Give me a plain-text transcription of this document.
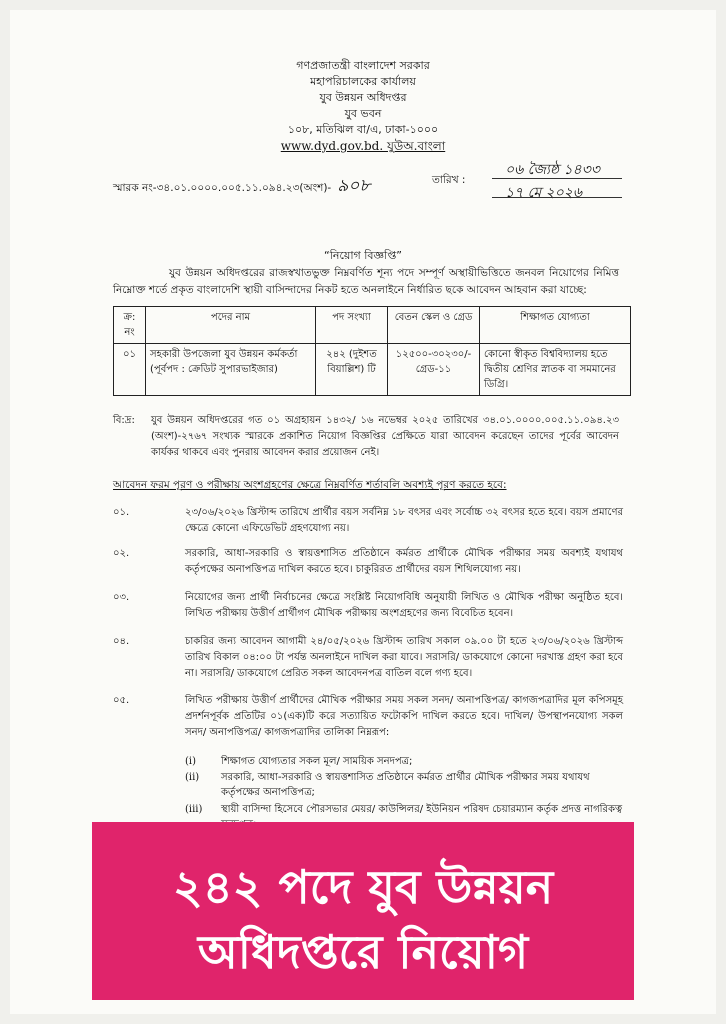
গণপ্রজাতন্ত্রী বাংলাদেশ সরকার
মহাপরিচালকের কার্যালয়
যুব উন্নয়ন অধিদপ্তর
যুব ভবন
১০৮, মতিঝিল বা/এ, ঢাকা-১০০০
www.dyd.gov.bd. যুউঅ.বাংলা
স্মারক নং-৩৪.০১.০০০০.০০৫.১১.০৯৪.২৩(অংশ)- ৯০৮	তারিখ :
০৬ জ্যৈষ্ঠ ১৪৩৩
১৭ মে ২০২৬
“নিয়োগ বিজ্ঞপ্তি”
যুব উন্নয়ন অধিদপ্তরের রাজস্বখাতভুক্ত নিম্নবর্ণিত শূন্য পদে সম্পূর্ণ অস্থায়ীভিত্তিতে জনবল নিয়োগের নিমিত্ত নিম্নোক্ত শর্তে প্রকৃত বাংলাদেশি স্থায়ী বাসিন্দাদের নিকট হতে অনলাইনে নির্ধারিত ছকে আবেদন আহবান করা যাচ্ছে:
ক্র: নং	পদের নাম	পদ সংখ্যা	বেতন স্কেল ও গ্রেড	শিক্ষাগত যোগ্যতা
০১	সহকারী উপজেলা যুব উন্নয়ন কর্মকর্তা (পূর্বপদ : ক্রেডিট সুপারভাইজার)	২৪২ (দুইশত বিয়াল্লিশ) টি	১২৫০০-৩০২৩০/- গ্রেড-১১	কোনো স্বীকৃত বিশ্ববিদ্যালয় হতে দ্বিতীয় শ্রেণির স্নাতক বা সমমানের ডিগ্রি।
বি:দ্র: যুব উন্নয়ন অধিদপ্তরের গত ০১ অগ্রহায়ন ১৪৩২/ ১৬ নভেম্বর ২০২৫ তারিখের ৩৪.০১.০০০০.০০৫.১১.০৯৪.২৩ (অংশ)-২৭৬৭ সংখ্যক স্মারকে প্রকাশিত নিয়োগ বিজ্ঞপ্তির প্রেক্ষিতে যারা আবেদন করেছেন তাদের পূর্বের আবেদন কার্যকর থাকবে এবং পুনরায় আবেদন করার প্রয়োজন নেই।
আবেদন ফরম পূরণ ও পরীক্ষায় অংশগ্রহণের ক্ষেত্রে নিম্নবর্ণিত শর্তাবলি অবশ্যই পূরণ করতে হবে:
০১.	২৩/০৬/২০২৬ খ্রিস্টাব্দ তারিখে প্রার্থীর বয়স সর্বনিম্ন ১৮ বৎসর এবং সর্বোচ্চ ৩২ বৎসর হতে হবে। বয়স প্রমাণের ক্ষেত্রে কোনো এফিডেভিট গ্রহণযোগ্য নয়।
০২.	সরকারি, আধা-সরকারি ও স্বায়ত্তশাসিত প্রতিষ্ঠানে কর্মরত প্রার্থীকে মৌখিক পরীক্ষার সময় অবশ্যই যথাযথ কর্তৃপক্ষের অনাপত্তিপত্র দাখিল করতে হবে। চাকুরিরত প্রার্থীদের বয়স শিথিলযোগ্য নয়।
০৩.	নিয়োগের জন্য প্রার্থী নির্বাচনের ক্ষেত্রে সংশ্লিষ্ট নিয়োগবিধি অনুযায়ী লিখিত ও মৌখিক পরীক্ষা অনুষ্ঠিত হবে। লিখিত পরীক্ষায় উত্তীর্ণ প্রার্থীগণ মৌখিক পরীক্ষায় অংশগ্রহণের জন্য বিবেচিত হবেন।
০৪.	চাকরির জন্য আবেদন আগামী ২৪/০৫/২০২৬ খ্রিস্টাব্দ তারিখ সকাল ০৯.০০ টা হতে ২৩/০৬/২০২৬ খ্রিস্টাব্দ তারিখ বিকাল ০৪:০০ টা পর্যন্ত অনলাইনে দাখিল করা যাবে। সরাসরি/ ডাকযোগে কোনো দরখাস্ত গ্রহণ করা হবে না। সরাসরি/ ডাকযোগে প্রেরিত সকল আবেদনপত্র বাতিল বলে গণ্য হবে।
০৫.	লিখিত পরীক্ষায় উত্তীর্ণ প্রার্থীদের মৌখিক পরীক্ষার সময় সকল সনদ/ অনাপত্তিপত্র/ কাগজপত্রাদির মূল কপিসমূহ প্রদর্শনপূর্বক প্রতিটির ০১(এক)টি করে সত্যায়িত ফটোকপি দাখিল করতে হবে। দাখিল/ উপস্থাপনযোগ্য সকল সনদ/ অনাপত্তিপত্র/ কাগজপত্রাদির তালিকা নিম্নরূপ:
(i) শিক্ষাগত যোগ্যতার সকল মূল/ সাময়িক সনদপত্র;
(ii) সরকারি, আধা-সরকারি ও স্বায়ত্তশাসিত প্রতিষ্ঠানে কর্মরত প্রার্থীর মৌখিক পরীক্ষার সময় যথাযথ কর্তৃপক্ষের অনাপত্তিপত্র;
(iii) স্থায়ী বাসিন্দা হিসেবে পৌরসভার মেয়র/ কাউন্সিলর/ ইউনিয়ন পরিষদ চেয়ারম্যান কর্তৃক প্রদত্ত নাগরিকত্ব
২৪২ পদে যুব উন্নয়ন
অধিদপ্তরে নিয়োগ
